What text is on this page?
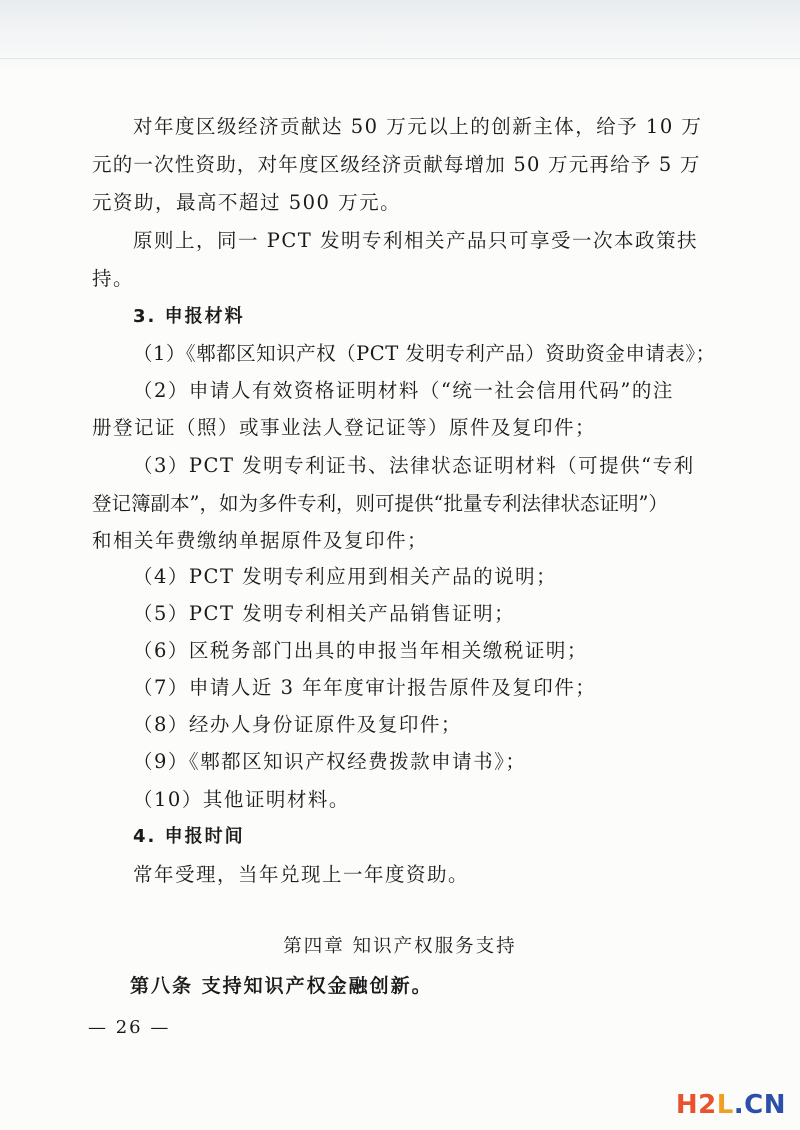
对年度区级经济贡献达 50 万元以上的创新主体，给予 10 万
元的一次性资助，对年度区级经济贡献每增加 50 万元再给予 5 万
元资助，最高不超过 500 万元。
原则上，同一 PCT 发明专利相关产品只可享受一次本政策扶
持。
3. 申报材料
（1）《郫都区知识产权（PCT 发明专利产品）资助资金申请表》；
（2）申请人有效资格证明材料（“统一社会信用代码”的注
册登记证（照）或事业法人登记证等）原件及复印件；
（3）PCT 发明专利证书、法律状态证明材料（可提供“专利
登记簿副本”，如为多件专利，则可提供“批量专利法律状态证明”）
和相关年费缴纳单据原件及复印件；
（4）PCT 发明专利应用到相关产品的说明；
（5）PCT 发明专利相关产品销售证明；
（6）区税务部门出具的申报当年相关缴税证明；
（7）申请人近 3 年年度审计报告原件及复印件；
（8）经办人身份证原件及复印件；
（9）《郫都区知识产权经费拨款申请书》；
（10）其他证明材料。
4. 申报时间
常年受理，当年兑现上一年度资助。
第四章 知识产权服务支持
第八条 支持知识产权金融创新。
— 26 —
H2L.CN
